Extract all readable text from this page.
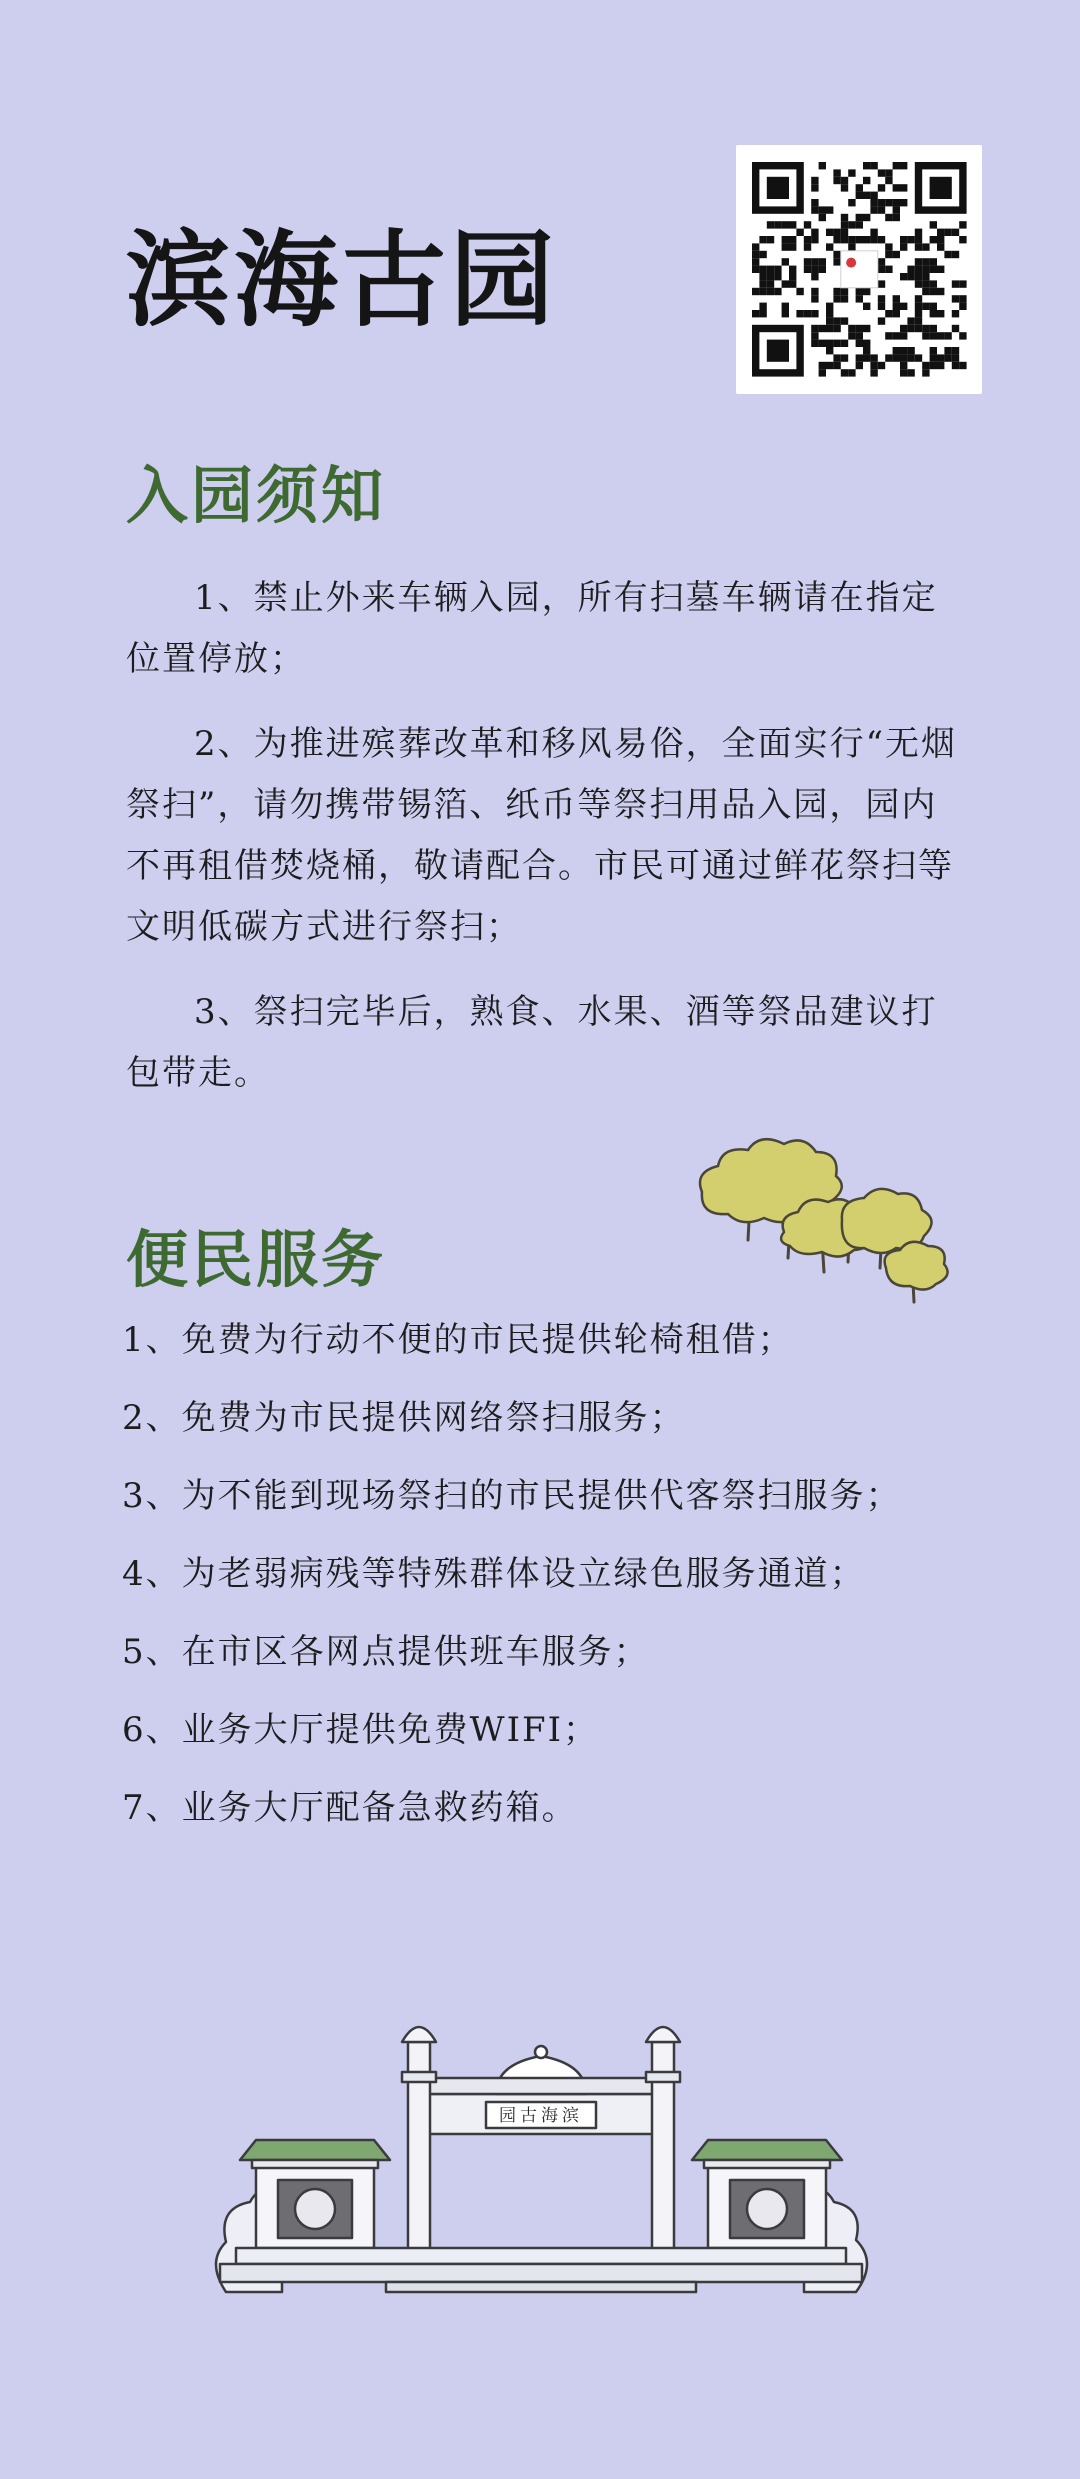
滨海古园
入园须知

1、禁止外来车辆入园，所有扫墓车辆请在指定位置停放；

2、为推进殡葬改革和移风易俗，全面实行“无烟祭扫”，请勿携带锡箔、纸币等祭扫用品入园，园内不再租借焚烧桶，敬请配合。市民可通过鲜花祭扫等文明低碳方式进行祭扫；

3、祭扫完毕后，熟食、水果、酒等祭品建议打包带走。

便民服务
1、免费为行动不便的市民提供轮椅租借；
2、免费为市民提供网络祭扫服务；
3、为不能到现场祭扫的市民提供代客祭扫服务；
4、为老弱病残等特殊群体设立绿色服务通道；
5、在市区各网点提供班车服务；
6、业务大厅提供免费WIFI；
7、业务大厅配备急救药箱。
园古海滨
